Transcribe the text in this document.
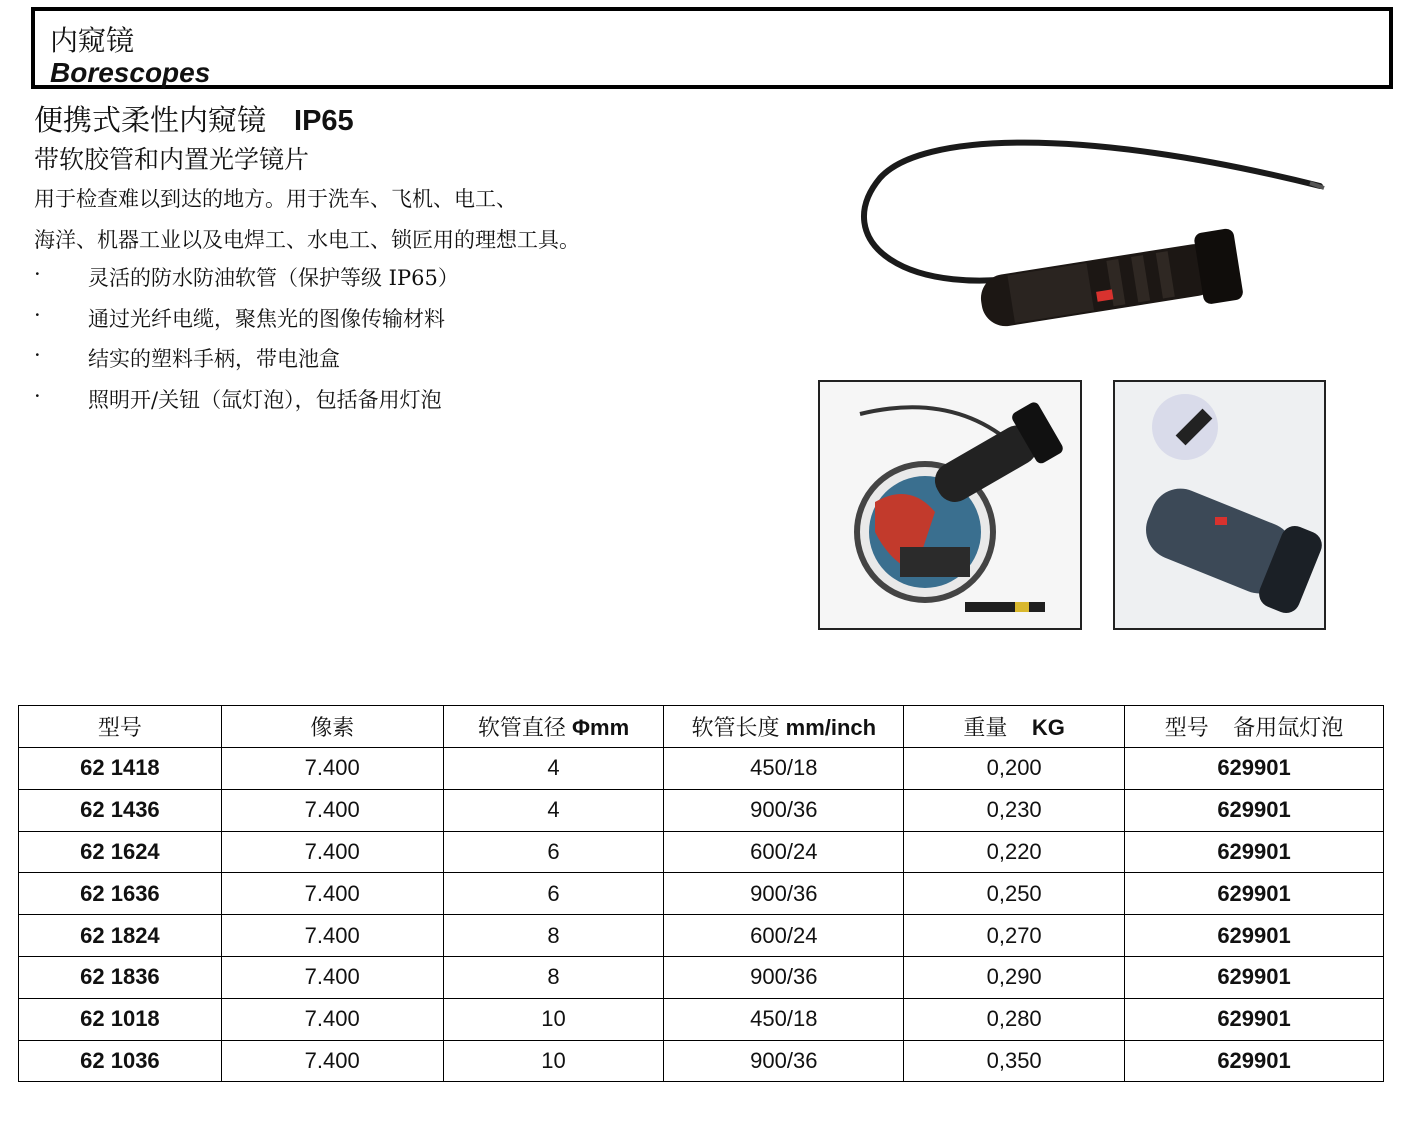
内窥镜
Borescopes
便携式柔性内窥镜 IP65
带软胶管和内置光学镜片
用于检查难以到达的地方。用于洗车、飞机、电工、
海洋、机器工业以及电焊工、水电工、锁匠用的理想工具。
·	灵活的防水防油软管（保护等级 IP65）
·	通过光纤电缆，聚焦光的图像传输材料
·	结实的塑料手柄，带电池盒
·	照明开/关钮（氙灯泡），包括备用灯泡
型号	像素	软管直径 Φmm	软管长度 mm/inch	重量    KG	型号    备用氙灯泡
62 1418	7.400	4	450/18	0,200	629901
62 1436	7.400	4	900/36	0,230	629901
62 1624	7.400	6	600/24	0,220	629901
62 1636	7.400	6	900/36	0,250	629901
62 1824	7.400	8	600/24	0,270	629901
62 1836	7.400	8	900/36	0,290	629901
62 1018	7.400	10	450/18	0,280	629901
62 1036	7.400	10	900/36	0,350	629901
